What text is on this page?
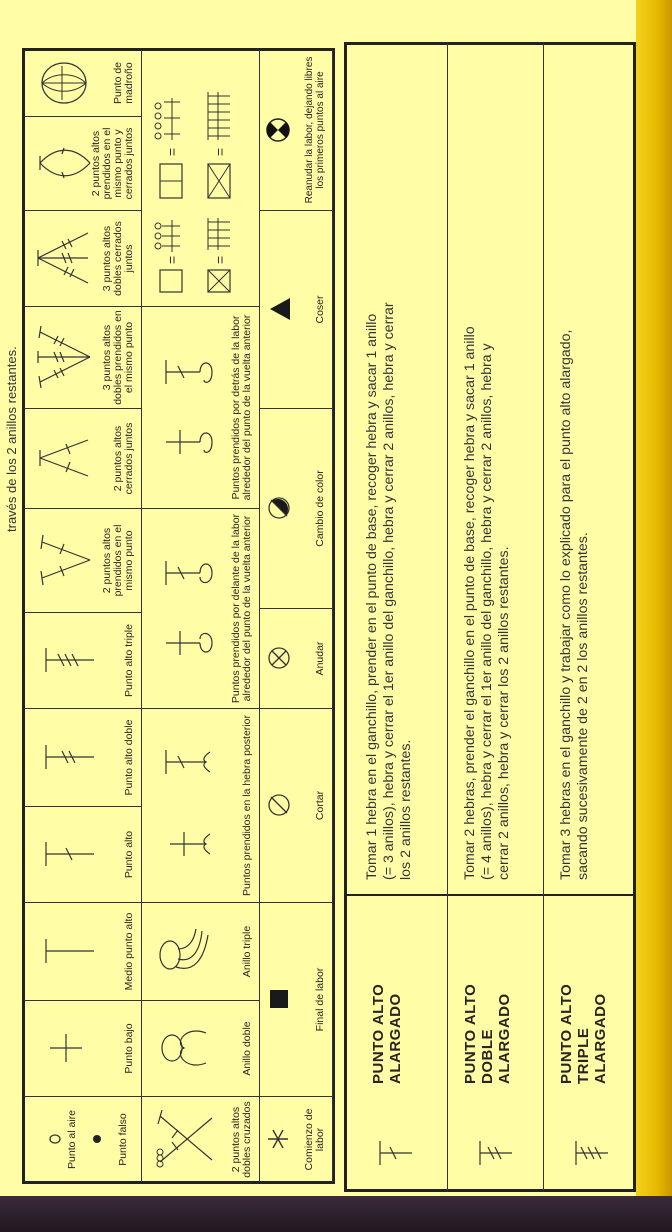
través de los 2 anillos restantes.
Punto al aire	Punto falso
Punto bajo
Medio punto alto
Punto alto
Punto alto doble
Punto alto triple
2 puntos altos prendidos en el mismo punto
2 puntos altos cerrados juntos
3 puntos altos dobles prendidos en el mismo punto
3 puntos altos dobles cerrados juntos
2 puntos altos prendidos en el mismo punto y cerrados juntos
Punto de madroño
2 puntos altos dobles cruzados
Anillo doble
Anillo triple
Puntos prendidos en la hebra posterior
Puntos prendidos por delante de la labor alrededor del punto de la vuelta anterior
Puntos prendidos por detrás de la labor alrededor del punto de la vuelta anterior
=
=
=
=
Comienzo de labor
Final de labor
Cortar
Anudar
Cambio de color
Coser
Reanudar la labor, dejando libres los primeros puntos al aire
PUNTO ALTO ALARGADO
Tomar 1 hebra en el ganchillo, prender en el punto de base, recoger hebra y sacar 1 anillo (= 3 anillos), hebra y cerrar el 1er anillo del ganchillo, hebra y cerrar 2 anillos, hebra y cerrar los 2 anillos restantes.
PUNTO ALTO DOBLE ALARGADO
Tomar 2 hebras, prender el ganchillo en el punto de base, recoger hebra y sacar 1 anillo (= 4 anillos), hebra y cerrar el 1er anillo del ganchillo, hebra y cerrar 2 anillos, hebra y cerrar 2 anillos, hebra y cerrar los 2 anillos restantes.
PUNTO ALTO TRIPLE ALARGADO
Tomar 3 hebras en el ganchillo y trabajar como lo explicado para el punto alto alargado, sacando sucesivamente de 2 en 2 los anillos restantes.
